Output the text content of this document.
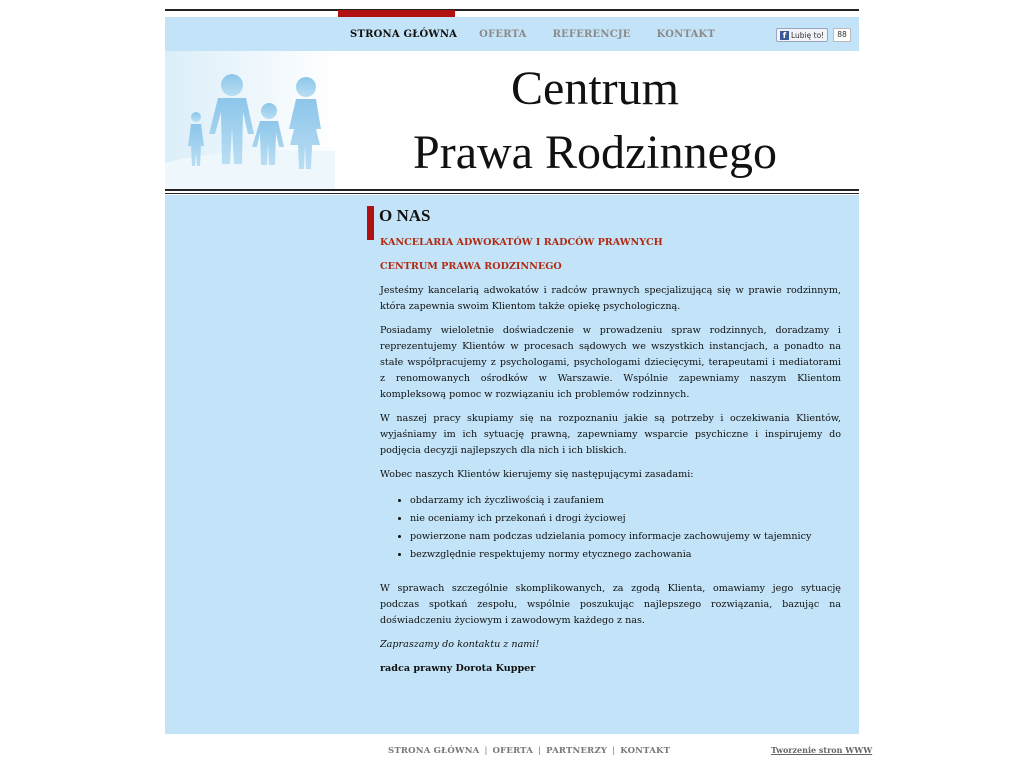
STRONA GŁÓWNA OFERTA	REFERENCJE	KONTAKT	f Lubię to!	88
Centrum
Prawa Rodzinnego
O NAS

KANCELARIA ADWOKATÓW I RADCÓW PRAWNYCH

CENTRUM PRAWA RODZINNEGO

Jesteśmy kancelarią adwokatów i radców prawnych specjalizującą się w prawie rodzinnym, która zapewnia swoim Klientom także opiekę psychologiczną.

Posiadamy wieloletnie doświadczenie w prowadzeniu spraw rodzinnych, doradzamy i reprezentujemy Klientów w procesach sądowych we wszystkich instancjach, a ponadto na stałe współpracujemy z psychologami, psychologami dziecięcymi, terapeutami i mediatorami z renomowanych ośrodków w Warszawie. Wspólnie zapewniamy naszym Klientom kompleksową pomoc w rozwiązaniu ich problemów rodzinnych.

W naszej pracy skupiamy się na rozpoznaniu jakie są potrzeby i oczekiwania Klientów, wyjaśniamy im ich sytuację prawną, zapewniamy wsparcie psychiczne i inspirujemy do podjęcia decyzji najlepszych dla nich i ich bliskich.

Wobec naszych Klientów kierujemy się następującymi zasadami:

• obdarzamy ich życzliwością i zaufaniem
• nie oceniamy ich przekonań i drogi życiowej
• powierzone nam podczas udzielania pomocy informacje zachowujemy w tajemnicy
• bezwzględnie respektujemy normy etycznego zachowania

W sprawach szczególnie skomplikowanych, za zgodą Klienta, omawiamy jego sytuację podczas spotkań zespołu, wspólnie poszukując najlepszego rozwiązania, bazując na doświadczeniu życiowym i zawodowym każdego z nas.

Zapraszamy do kontaktu z nami!

radca prawny Dorota Kupper

STRONA GŁÓWNA | OFERTA | PARTNERZY | KONTAKT	Tworzenie stron WWW
